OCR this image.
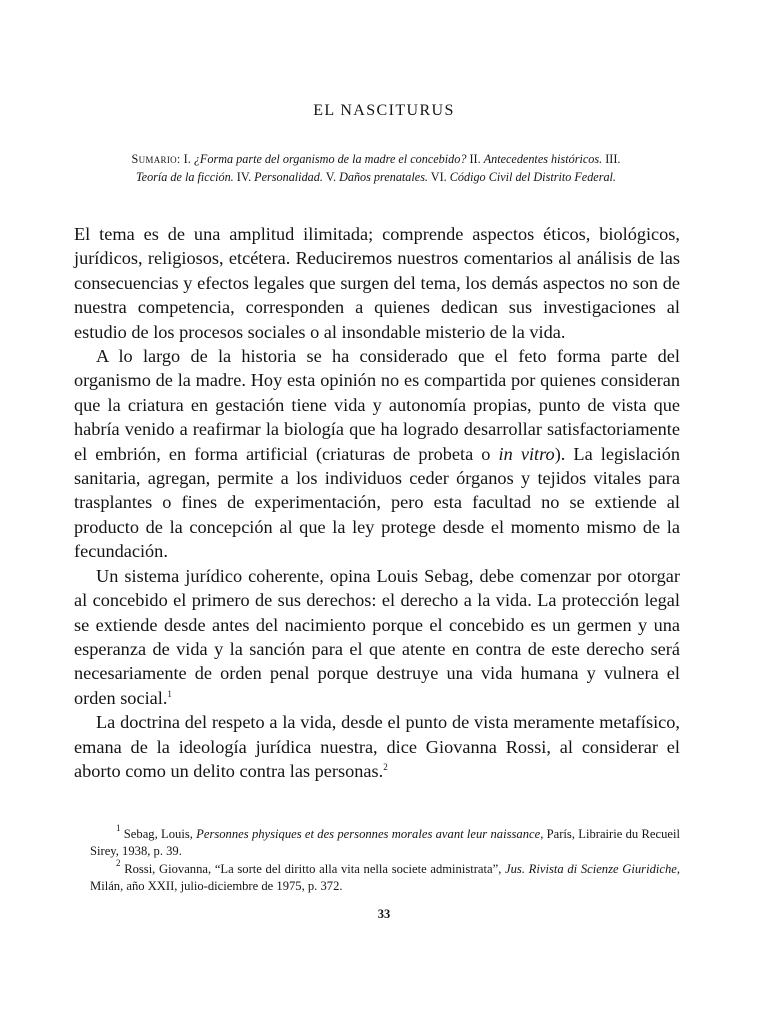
EL NASCITURUS
Sumario: I. ¿Forma parte del organismo de la madre el concebido? II. Antecedentes históricos. III. Teoría de la ficción. IV. Personalidad. V. Daños prenatales. VI. Código Civil del Distrito Federal.

El tema es de una amplitud ilimitada; comprende aspectos éticos, biológicos, jurídicos, religiosos, etcétera. Reduciremos nuestros comentarios al análisis de las consecuencias y efectos legales que surgen del tema, los demás aspectos no son de nuestra competencia, corresponden a quienes dedican sus investigaciones al estudio de los procesos sociales o al insondable misterio de la vida.

A lo largo de la historia se ha considerado que el feto forma parte del organismo de la madre. Hoy esta opinión no es compartida por quienes consideran que la criatura en gestación tiene vida y autonomía propias, punto de vista que habría venido a reafirmar la biología que ha logrado desarrollar satisfactoriamente el embrión, en forma artificial (criaturas de probeta o in vitro). La legislación sanitaria, agregan, permite a los individuos ceder órganos y tejidos vitales para trasplantes o fines de experimentación, pero esta facultad no se extiende al producto de la concepción al que la ley protege desde el momento mismo de la fecundación.

Un sistema jurídico coherente, opina Louis Sebag, debe comenzar por otorgar al concebido el primero de sus derechos: el derecho a la vida. La protección legal se extiende desde antes del nacimiento porque el concebido es un germen y una esperanza de vida y la sanción para el que atente en contra de este derecho será necesariamente de orden penal porque destruye una vida humana y vulnera el orden social.$^1$

La doctrina del respeto a la vida, desde el punto de vista meramente metafísico, emana de la ideología jurídica nuestra, dice Giovanna Rossi, al considerar el aborto como un delito contra las personas.$^2$

$^1$ Sebag, Louis, Personnes physiques et des personnes morales avant leur naissance, París, Librairie du Recueil Sirey, 1938, p. 39.

$^2$ Rossi, Giovanna, “La sorte del diritto alla vita nella societe administrata”, Jus. Rivista di Scienze Giuridiche, Milán, año XXII, julio-diciembre de 1975, p. 372.

33
